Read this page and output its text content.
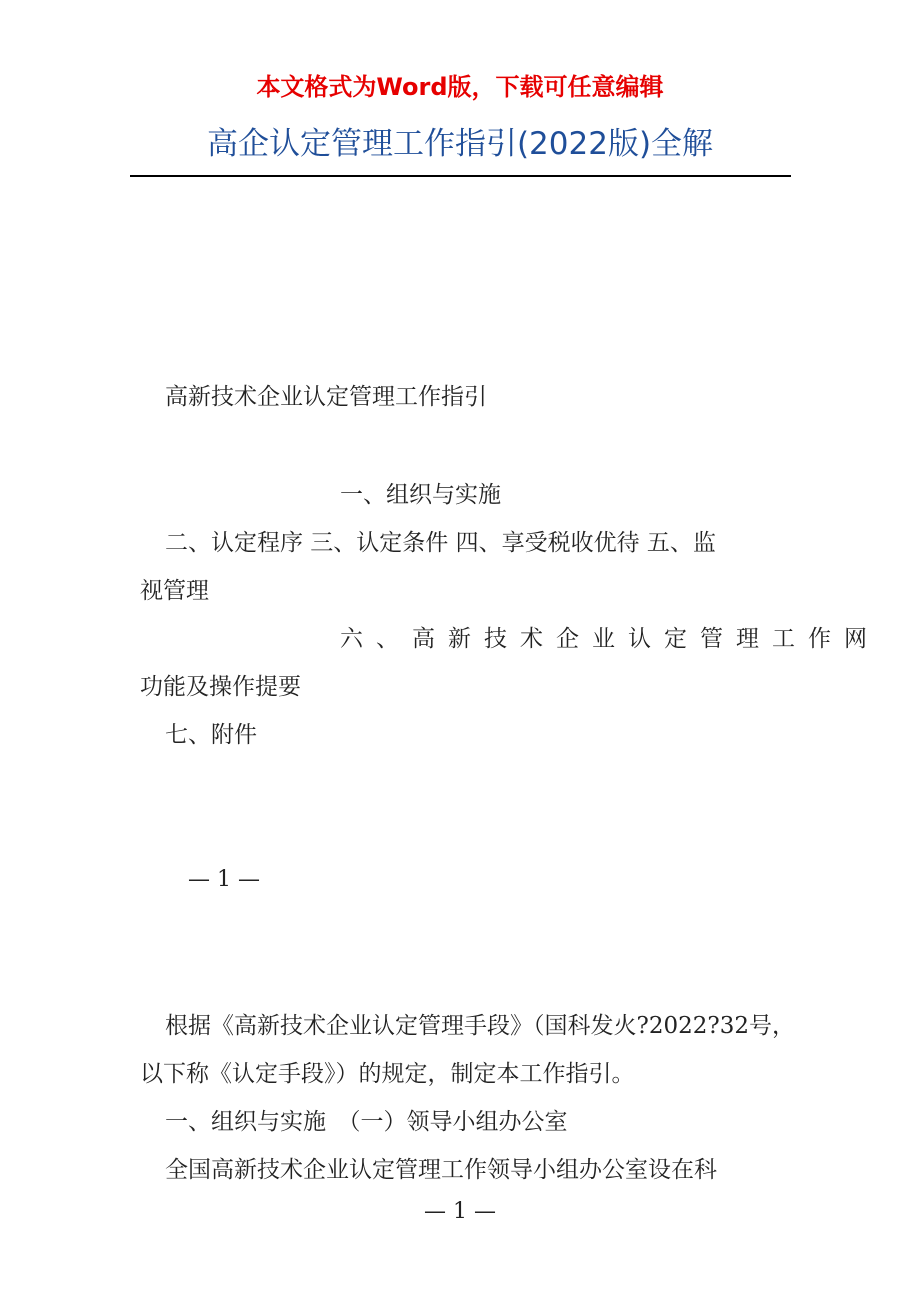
本文格式为Word版，下载可任意编辑
高企认定管理工作指引(2022版)全解
高新技术企业认定管理工作指引
一、组织与实施
二、认定程序 三、认定条件 四、享受税收优待 五、监
视管理
六、高新技术企业认定管理工作网
功能及操作提要
七、附件
— 1 —
根据《高新技术企业认定管理手段》（国科发火?2022?32号，
以下称《认定手段》）的规定，制定本工作指引。
一、组织与实施　（一）领导小组办公室
全国高新技术企业认定管理工作领导小组办公室设在科
— 1 —
